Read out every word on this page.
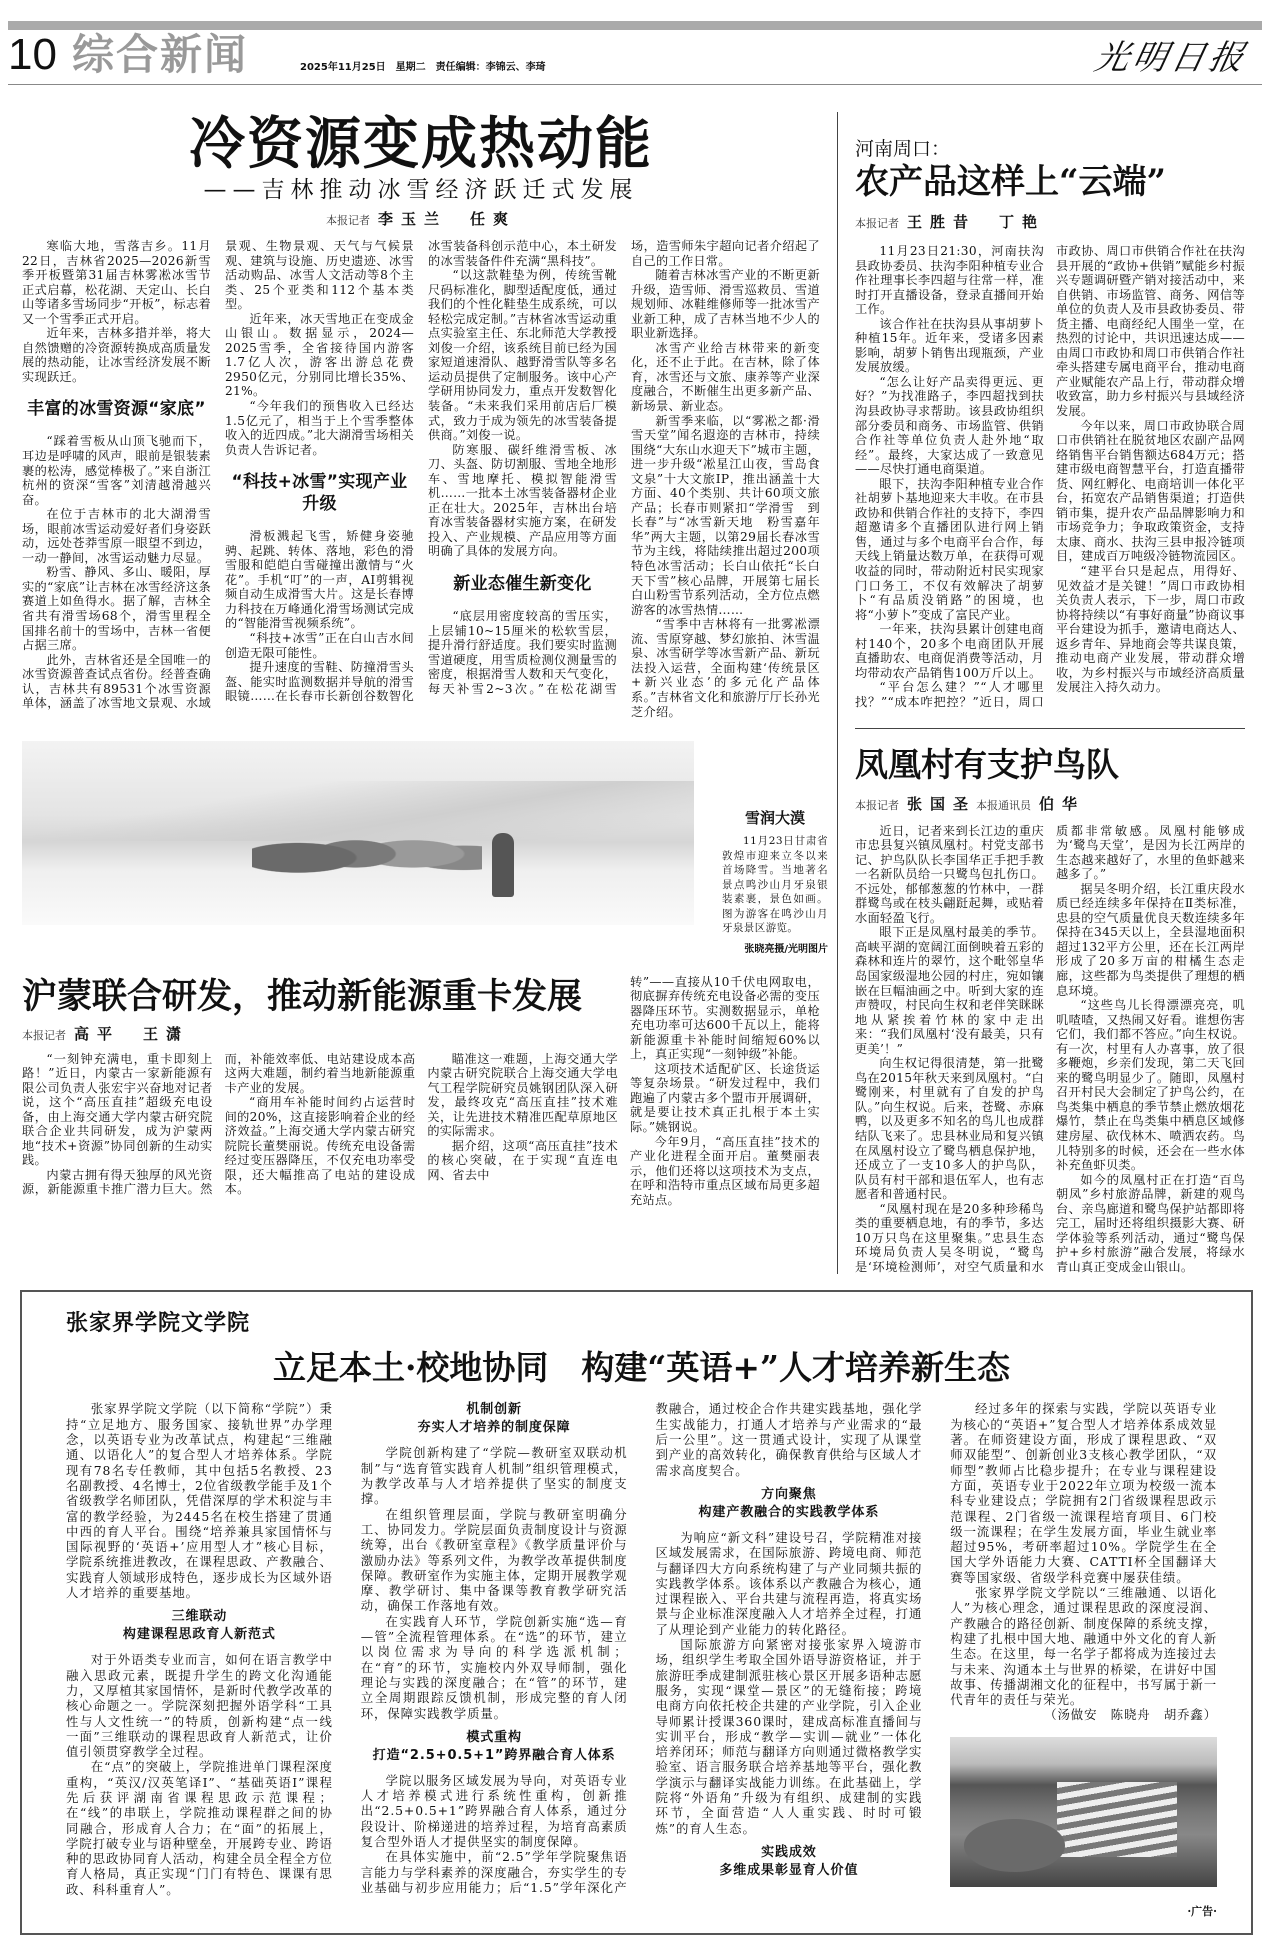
10 综合新闻	2025年11月25日　星期二　责任编辑：李锦云、李琦	光明日报
冷资源变成热动能
——吉林推动冰雪经济跃迁式发展
本报记者 李玉兰　任爽

寒临大地，雪落吉乡。11月22日，吉林省2025—2026新雪季开板暨第31届吉林雾凇冰雪节正式启幕，松花湖、天定山、长白山等诸多雪场同步“开板”，标志着又一个雪季正式开启。

近年来，吉林多措并举，将大自然馈赠的冷资源转换成高质量发展的热动能，让冰雪经济发展不断实现跃迁。

丰富的冰雪资源“家底”

“踩着雪板从山顶飞驰而下，耳边是呼啸的风声，眼前是银装素裹的松涛，感觉棒极了。”来自浙江杭州的资深“雪客”刘清越滑越兴奋。

在位于吉林市的北大湖滑雪场，眼前冰雪运动爱好者们身姿跃动，远处苍莽雪原一眼望不到边，一动一静间，冰雪运动魅力尽显。

粉雪、静风、多山、暖阳，厚实的“家底”让吉林在冰雪经济这条赛道上如鱼得水。据了解，吉林全省共有滑雪场68个，滑雪里程全国排名前十的雪场中，吉林一省便占据三席。

此外，吉林省还是全国唯一的冰雪资源普查试点省份。经普查确认，吉林共有89531个冰雪资源单体，涵盖了冰雪地文景观、水域景观、生物景观、天气与气候景观、建筑与设施、历史遗迹、冰雪活动购品、冰雪人文活动等8个主类、25个亚类和112个基本类型。

近年来，冰天雪地正在变成金山银山。数据显示，2024—2025雪季，全省接待国内游客1.7亿人次，游客出游总花费2950亿元，分别同比增长35%、21%。

“今年我们的预售收入已经达1.5亿元了，相当于上个雪季整体收入的近四成。”北大湖滑雪场相关负责人告诉记者。

“科技+冰雪”实现产业升级

滑板溅起飞雪，矫健身姿驰骋、起跳、转体、落地，彩色的滑雪服和皑皑白雪碰撞出激情与“火花”。手机“叮”的一声，AI剪辑视频自动生成滑雪大片。这是长春博力科技在万峰通化滑雪场测试完成的“智能滑雪视频系统”。

“科技+冰雪”正在白山吉水间创造无限可能性。

提升速度的雪鞋、防撞滑雪头盔、能实时监测数据并导航的滑雪眼镜……在长春市长新创谷数智化冰雪装备科创示范中心，本土研发的冰雪装备件件充满“黑科技”。

“以这款鞋垫为例，传统雪靴尺码标准化，脚型适配度低，通过我们的个性化鞋垫生成系统，可以轻松完成定制。”吉林省冰雪运动重点实验室主任、东北师范大学教授刘俊一介绍，该系统目前已经为国家短道速滑队、越野滑雪队等多名运动员提供了定制服务。该中心产学研用协同发力，重点开发数智化装备。“未来我们采用前店后厂模式，致力于成为领先的冰雪装备提供商。”刘俊一说。

防寒服、碳纤维滑雪板、冰刀、头盔、防切割服、雪地全地形车、雪地摩托、模拟智能滑雪机……一批本土冰雪装备器材企业正在壮大。2025年，吉林出台培育冰雪装备器材实施方案，在研发投入、产业规模、产品应用等方面明确了具体的发展方向。

新业态催生新变化

“底层用密度较高的雪压实，上层铺10~15厘米的松软雪层，提升滑行舒适度。我们要实时监测雪道硬度，用雪质检测仪测量雪的密度，根据滑雪人数和天气变化，每天补雪2~3次。”在松花湖雪场，造雪师朱宇超向记者介绍起了自己的工作日常。

随着吉林冰雪产业的不断更新升级，造雪师、滑雪巡救员、雪道规划师、冰鞋维修师等一批冰雪产业新工种，成了吉林当地不少人的职业新选择。

冰雪产业给吉林带来的新变化，还不止于此。在吉林，除了体育，冰雪还与文旅、康养等产业深度融合，不断催生出更多新产品、新场景、新业态。

新雪季来临，以“雾凇之都·滑雪天堂”闻名遐迩的吉林市，持续围绕“大东山水迎天下”城市主题，进一步升级“凇星江山夜，雪岛食文泉”十大文旅IP，推出涵盖十大方面、40个类别、共计60项文旅产品；长春市则紧扣“学滑雪　到长春”与“冰雪新天地　粉雪嘉年华”两大主题，以第29届长春冰雪节为主线，将陆续推出超过200项特色冰雪活动；长白山依托“长白天下雪”核心品牌，开展第七届长白山粉雪节系列活动，全方位点燃游客的冰雪热情……

“雪季中吉林将有一批雾凇漂流、雪原穿越、梦幻旅拍、沐雪温泉、冰雪研学等冰雪新产品、新玩法投入运营，全面构建‘传统景区+新兴业态’的多元化产品体系。”吉林省文化和旅游厅厅长孙光芝介绍。

雪润大漠
11月23日甘肃省敦煌市迎来立冬以来首场降雪。当地著名景点鸣沙山月牙泉银装素裹，景色如画。图为游客在鸣沙山月牙泉景区游览。
张晓亮摄/光明图片
沪蒙联合研发，推动新能源重卡发展
本报记者 高平　王潇

“一刻钟充满电，重卡即刻上路！”近日，内蒙古一家新能源有限公司负责人张宏宇兴奋地对记者说，这个“高压直挂”超级充电设备，由上海交通大学内蒙古研究院联合企业共同研发，成为沪蒙两地“技术+资源”协同创新的生动实践。

内蒙古拥有得天独厚的风光资源，新能源重卡推广潜力巨大。然而，补能效率低、电站建设成本高这两大难题，制约着当地新能源重卡产业的发展。

“商用车补能时间约占运营时间的20%，这直接影响着企业的经济效益。”上海交通大学内蒙古研究院院长董樊丽说。传统充电设备需经过变压器降压，不仅充电功率受限，还大幅推高了电站的建设成本。

瞄准这一难题，上海交通大学内蒙古研究院联合上海交通大学电气工程学院研究员姚钢团队深入研发，最终攻克“高压直挂”技术难关，让先进技术精准匹配草原地区的实际需求。

据介绍，这项“高压直挂”技术的核心突破，在于实现“直连电网、省去中

转”——直接从10千伏电网取电，彻底摒弃传统充电设备必需的变压器降压环节。实测数据显示，单枪充电功率可达600千瓦以上，能将新能源重卡补能时间缩短60%以上，真正实现“一刻钟级”补能。

这项技术适配矿区、长途货运等复杂场景。“研发过程中，我们跑遍了内蒙古多个盟市开展调研，就是要让技术真正扎根于本土实际。”姚钢说。

今年9月，“高压直挂”技术的产业化进程全面开启。董樊丽表示，他们还将以这项技术为支点，在呼和浩特市重点区域布局更多超充站点。

河南周口：
农产品这样上“云端”
本报记者 王胜昔　丁艳

11月23日21:30，河南扶沟县政协委员、扶沟李阳种植专业合作社理事长李四超与往常一样，准时打开直播设备，登录直播间开始工作。

该合作社在扶沟县从事胡萝卜种植15年。近年来，受诸多因素影响，胡萝卜销售出现瓶颈，产业发展放缓。

“怎么让好产品卖得更远、更好？”为找准路子，李四超找到扶沟县政协寻求帮助。该县政协组织部分委员和商务、市场监管、供销合作社等单位负责人赴外地“取经”。最终，大家达成了一致意见——尽快打通电商渠道。

眼下，扶沟李阳种植专业合作社胡萝卜基地迎来大丰收。在市县政协和供销合作社的支持下，李四超邀请多个直播团队进行网上销售，通过与多个电商平台合作，每天线上销量达数万单，在获得可观收益的同时，带动附近村民实现家门口务工，不仅有效解决了胡萝卜“有品质没销路”的困境，也将“小萝卜”变成了富民产业。

一年来，扶沟县累计创建电商村140个，20多个电商团队开展直播助农、电商促消费等活动，月均带动农产品销售100万斤以上。

“平台怎么建？”“人才哪里找？”“成本咋把控？”近日，周口市政协、周口市供销合作社在扶沟县开展的“政协+供销”赋能乡村振兴专题调研暨产销对接活动中，来自供销、市场监管、商务、网信等单位的负责人及市县政协委员、带货主播、电商经纪人围坐一堂，在热烈的讨论中，共识迅速达成——由周口市政协和周口市供销合作社牵头搭建专属电商平台，推动电商产业赋能农产品上行，带动群众增收致富，助力乡村振兴与县域经济发展。

今年以来，周口市政协联合周口市供销社在脱贫地区农副产品网络销售平台销售额达684万元；搭建市级电商智慧平台，打造直播带货、网红孵化、电商培训一体化平台，拓宽农产品销售渠道；打造供销市集，提升农产品品牌影响力和市场竞争力；争取政策资金，支持太康、商水、扶沟三县申报冷链项目，建成百万吨级冷链物流园区。

“建平台只是起点，用得好、见效益才是关键！”周口市政协相关负责人表示，下一步，周口市政协将持续以“有事好商量”协商议事平台建设为抓手，邀请电商达人、返乡青年、异地商会等共谋良策，推动电商产业发展，带动群众增收，为乡村振兴与市域经济高质量发展注入持久动力。

凤凰村有支护鸟队
本报记者 张国圣本报通讯员 伯华

近日，记者来到长江边的重庆市忠县复兴镇凤凰村。村党支部书记、护鸟队队长李国华正手把手教一名新队员给一只鹭鸟包扎伤口。不远处，郁郁葱葱的竹林中，一群群鹭鸟或在枝头翩跹起舞，或贴着水面轻盈飞行。

眼下正是凤凰村最美的季节。高峡平湖的宽阔江面倒映着五彩的森林和连片的翠竹，这个毗邻皇华岛国家级湿地公园的村庄，宛如镶嵌在巨幅油画之中。听到大家的连声赞叹，村民向生权和老伴笑眯眯地从紧挨着竹林的家中走出来：“我们凤凰村‘没有最美，只有更美’！”

向生权记得很清楚，第一批鹭鸟在2015年秋天来到凤凰村。“白鹭刚来，村里就有了自发的护鸟队。”向生权说。后来，苍鹭、赤麻鸭，以及更多不知名的鸟儿也成群结队飞来了。忠县林业局和复兴镇在凤凰村设立了鹭鸟栖息保护地，还成立了一支10多人的护鸟队，队员有村干部和退伍军人，也有志愿者和普通村民。

“凤凰村现在是20多种珍稀鸟类的重要栖息地，有的季节，多达10万只鸟在这里聚集。”忠县生态环境局负责人吴冬明说，“鹭鸟是‘环境检测师’，对空气质量和水质都非常敏感。凤凰村能够成为‘鹭鸟天堂’，是因为长江两岸的生态越来越好了，水里的鱼虾越来越多了。”

据吴冬明介绍，长江重庆段水质已经连续多年保持在Ⅱ类标准，忠县的空气质量优良天数连续多年保持在345天以上，全县湿地面积超过132平方公里，还在长江两岸形成了20多万亩的柑橘生态走廊，这些都为鸟类提供了理想的栖息环境。

“这些鸟儿长得漂漂亮亮，叽叽喳喳，又热闹又好看。谁想伤害它们，我们都不答应。”向生权说。有一次，村里有人办喜事，放了很多鞭炮，乡亲们发现，第二天飞回来的鹭鸟明显少了。随即，凤凰村召开村民大会制定了护鸟公约，在鸟类集中栖息的季节禁止燃放烟花爆竹，禁止在鸟类集中栖息区域修建房屋、砍伐林木、喷洒农药。鸟儿特别多的时候，还会在一些水体补充鱼虾贝类。

如今的凤凰村正在打造“百鸟朝凤”乡村旅游品牌，新建的观鸟台、亲鸟廊道和鹭鸟保护站都即将完工，届时还将组织摄影大赛、研学体验等系列活动，通过“鹭鸟保护+乡村旅游”融合发展，将绿水青山真正变成金山银山。

张家界学院文学院
立足本土·校地协同　构建“英语+”人才培养新生态

张家界学院文学院（以下简称“学院”）秉持“立足地方、服务国家、接轨世界”办学理念，以英语专业为改革试点，构建起“三维融通、以语化人”的复合型人才培养体系。学院现有78名专任教师，其中包括5名教授、23名副教授、4名博士，2位省级教学能手及1个省级教学名师团队，凭借深厚的学术积淀与丰富的教学经验，为2445名在校生搭建了贯通中西的育人平台。围绕“培养兼具家国情怀与国际视野的‘英语+’应用型人才”核心目标，学院系统推进教改，在课程思政、产教融合、实践育人领域形成特色，逐步成长为区域外语人才培养的重要基地。

三维联动
构建课程思政育人新范式

对于外语类专业而言，如何在语言教学中融入思政元素，既提升学生的跨文化沟通能力，又厚植其家国情怀，是新时代教学改革的核心命题之一。学院深刻把握外语学科“工具性与人文性统一”的特质，创新构建“点一线一面”三维联动的课程思政育人新范式，让价值引领贯穿教学全过程。

在“点”的突破上，学院推进单门课程深度重构，“英汉/汉英笔译I”、“基础英语I”课程先后获评湖南省课程思政示范课程；在“线”的串联上，学院推动课程群之间的协同融合，形成育人合力；在“面”的拓展上，学院打破专业与语种壁垒，开展跨专业、跨语种的思政协同育人活动，构建全员全程全方位育人格局，真正实现“门门有特色、课课有思政、科科重育人”。

机制创新
夯实人才培养的制度保障

学院创新构建了“学院—教研室双联动机制”与“选育管实践育人机制”组织管理模式，为教学改革与人才培养提供了坚实的制度支撑。

在组织管理层面，学院与教研室明确分工、协同发力。学院层面负责制度设计与资源统筹，出台《教研室章程》《教学质量评价与激励办法》等系列文件，为教学改革提供制度保障。教研室作为实施主体，定期开展教学观摩、教学研讨、集中备课等教育教学研究活动，确保工作落地有效。

在实践育人环节，学院创新实施“选—育—管”全流程管理体系。在“选”的环节，建立以岗位需求为导向的科学选派机制；在“育”的环节，实施校内外双导师制，强化理论与实践的深度融合；在“管”的环节，建立全周期跟踪反馈机制，形成完整的育人闭环，保障实践教学质量。

模式重构
打造“2.5+0.5+1”跨界融合育人体系

学院以服务区域发展为导向，对英语专业人才培养模式进行系统性重构，创新推出“2.5+0.5+1”跨界融合育人体系，通过分段设计、阶梯递进的培养过程，为培育高素质复合型外语人才提供坚实的制度保障。

在具体实施中，前“2.5”学年学院聚焦语言能力与学科素养的深度融合，夯实学生的专业基础与初步应用能力；后“1.5”学年深化产教融合，通过校企合作共建实践基地，强化学生实战能力，打通人才培养与产业需求的“最后一公里”。这一贯通式设计，实现了从课堂到产业的高效转化，确保教育供给与区域人才需求高度契合。

方向聚焦
构建产教融合的实践教学体系

为响应“新文科”建设号召，学院精准对接区域发展需求，在国际旅游、跨境电商、师范与翻译四大方向系统构建了与产业同频共振的实践教学体系。该体系以产教融合为核心，通过课程嵌入、平台共建与流程再造，将真实场景与企业标准深度融入人才培养全过程，打通了从理论到产业能力的转化路径。

国际旅游方向紧密对接张家界入境游市场，组织学生考取全国外语导游资格证，并于旅游旺季成建制派驻核心景区开展多语种志愿服务，实现“课堂—景区”的无缝衔接；跨境电商方向依托校企共建的产业学院，引入企业导师累计授课360课时，建成高标准直播间与实训平台，形成“教学—实训—就业”一体化培养闭环；师范与翻译方向则通过微格教学实验室、语言服务联合培养基地等平台，强化教学演示与翻译实战能力训练。在此基础上，学院将“外语角”升级为有组织、成建制的实践环节，全面营造“人人重实践、时时可锻炼”的育人生态。

实践成效
多维成果彰显育人价值

经过多年的探索与实践，学院以英语专业为核心的“英语+”复合型人才培养体系成效显著。在师资建设方面，形成了课程思政、“双师双能型”、创新创业3支核心教学团队，“双师型”教师占比稳步提升；在专业与课程建设方面，英语专业于2022年立项为校级一流本科专业建设点；学院拥有2门省级课程思政示范课程、2门省级一流课程培育项目、6门校级一流课程；在学生发展方面，毕业生就业率超过95%，考研率超过10%。学院学生在全国大学外语能力大赛、CATTI杯全国翻译大赛等国家级、省级学科竞赛中屡获佳绩。

张家界学院文学院以“三维融通、以语化人”为核心理念，通过课程思政的深度浸润、产教融合的路径创新、制度保障的系统支撑，构建了扎根中国大地、融通中外文化的育人新生态。在这里，每一名学子都将成为连接过去与未来、沟通本土与世界的桥梁，在讲好中国故事、传播湖湘文化的征程中，书写属于新一代青年的责任与荣光。

（汤做安　陈晓舟　胡乔鑫）

·广告·
